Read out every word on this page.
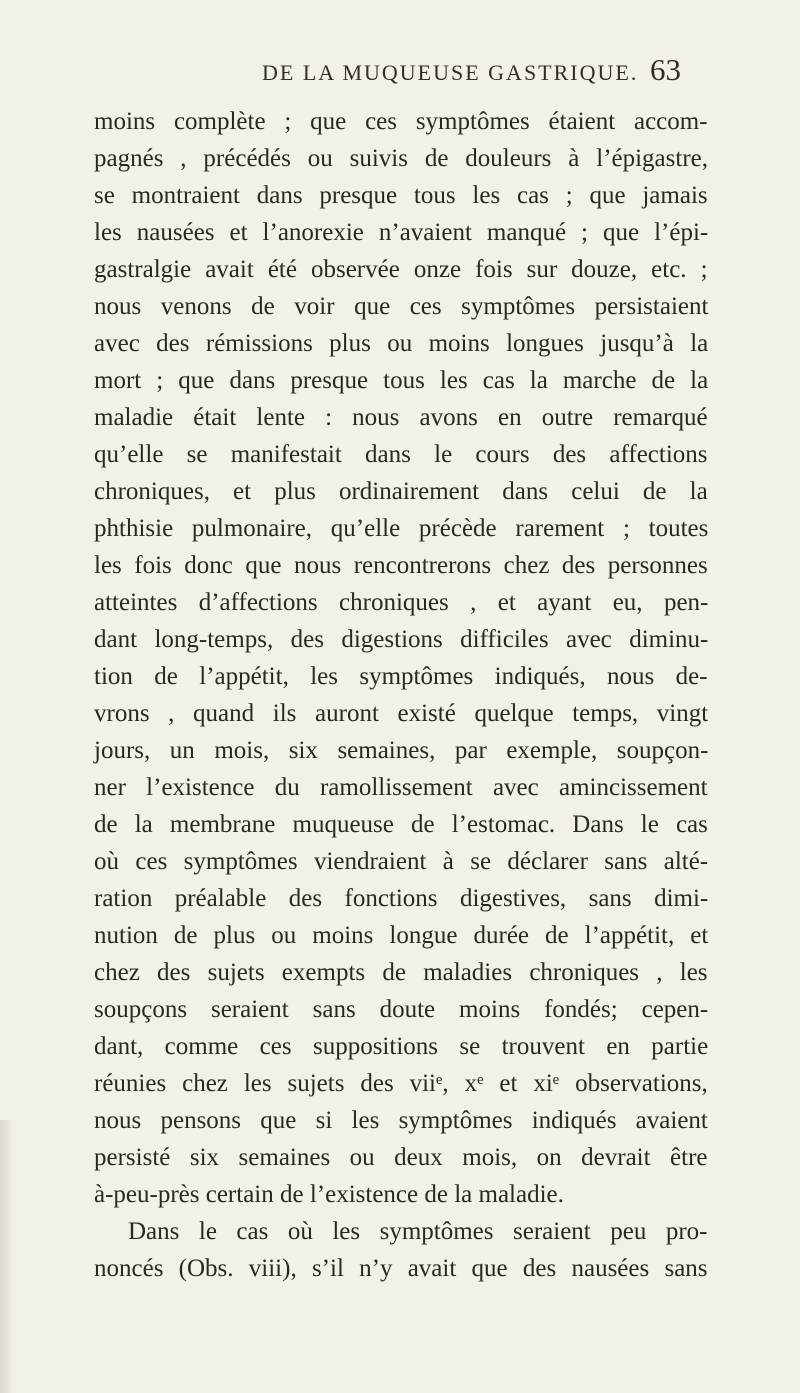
DE LA MUQUEUSE GASTRIQUE. 63
moins complète ; que ces symptômes étaient accom-
pagnés , précédés ou suivis de douleurs à l’épigastre,
se montraient dans presque tous les cas ; que jamais
les nausées et l’anorexie n’avaient manqué ; que l’épi-
gastralgie avait été observée onze fois sur douze, etc. ;
nous venons de voir que ces symptômes persistaient
avec des rémissions plus ou moins longues jusqu’à la
mort ; que dans presque tous les cas la marche de la
maladie était lente : nous avons en outre remarqué
qu’elle se manifestait dans le cours des affections
chroniques, et plus ordinairement dans celui de la
phthisie pulmonaire, qu’elle précède rarement ; toutes
les fois donc que nous rencontrerons chez des personnes
atteintes d’affections chroniques , et ayant eu, pen-
dant long-temps, des digestions difficiles avec diminu-
tion de l’appétit, les symptômes indiqués, nous de-
vrons , quand ils auront existé quelque temps, vingt
jours, un mois, six semaines, par exemple, soupçon-
ner l’existence du ramollissement avec amincissement
de la membrane muqueuse de l’estomac. Dans le cas
où ces symptômes viendraient à se déclarer sans alté-
ration préalable des fonctions digestives, sans dimi-
nution de plus ou moins longue durée de l’appétit, et
chez des sujets exempts de maladies chroniques , les
soupçons seraient sans doute moins fondés; cepen-
dant, comme ces suppositions se trouvent en partie
réunies chez les sujets des viiᵉ, xᵉ et xiᵉ observations,
nous pensons que si les symptômes indiqués avaient
persisté six semaines ou deux mois, on devrait être
à-peu-près certain de l’existence de la maladie.
Dans le cas où les symptômes seraient peu pro-
noncés (Obs. viii), s’il n’y avait que des nausées sans
